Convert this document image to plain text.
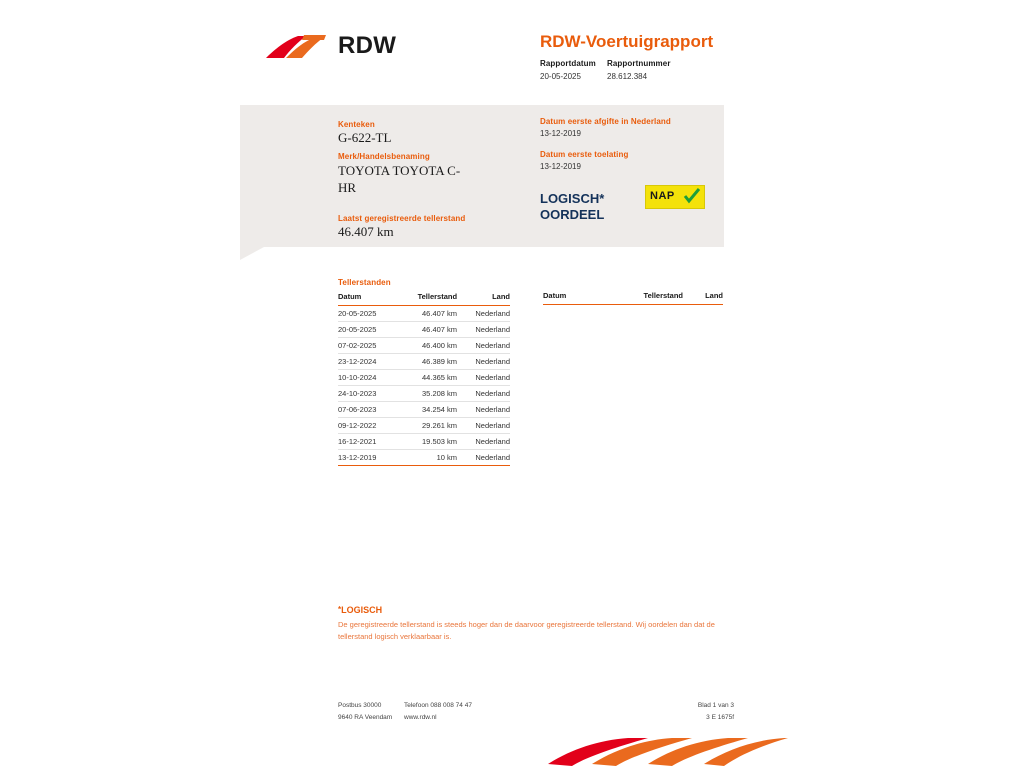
RDW	RDW-Voertuigrapport
Rapportdatum
20-05-2025
Rapportnummer
28.612.384
Kenteken
G-622-TL
Merk/Handelsbenaming
TOYOTA TOYOTA C-HR
Laatst geregistreerde tellerstand
46.407 km
Datum eerste afgifte in Nederland
13-12-2019
Datum eerste toelating
13-12-2019
LOGISCH* OORDEEL
NAP
Tellerstanden
Datum	Tellerstand	Land
20-05-2025	46.407 km	Nederland
20-05-2025	46.407 km	Nederland
07-02-2025	46.400 km	Nederland
23-12-2024	46.389 km	Nederland
10-10-2024	44.365 km	Nederland
24-10-2023	35.208 km	Nederland
07-06-2023	34.254 km	Nederland
09-12-2022	29.261 km	Nederland
16-12-2021	19.503 km	Nederland
13-12-2019	10 km	Nederland
Datum	Tellerstand	Land
*LOGISCH
De geregistreerde tellerstand is steeds hoger dan de daarvoor geregistreerde tellerstand. Wij oordelen dan dat de tellerstand logisch verklaarbaar is.
Postbus 30000	Telefoon 088 008 74 47
9640 RA Veendam www.rdw.nl
Blad 1 van 3
3 E 1675f
